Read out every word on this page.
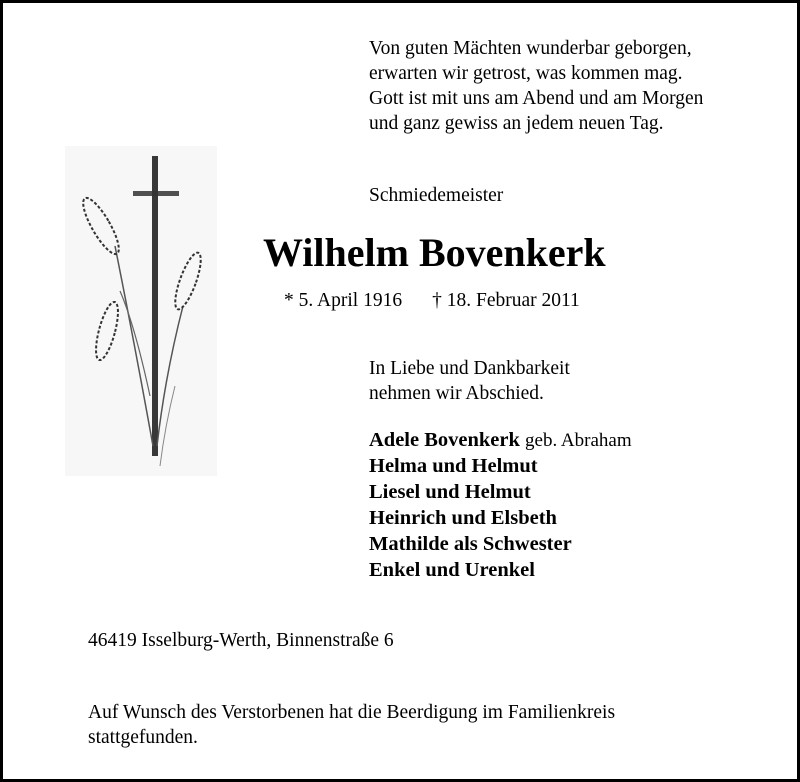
Von guten Mächten wunderbar geborgen,
erwarten wir getrost, was kommen mag.
Gott ist mit uns am Abend und am Morgen
und ganz gewiss an jedem neuen Tag.
Schmiedemeister
Wilhelm Bovenkerk
* 5. April 1916 † 18. Februar 2011
In Liebe und Dankbarkeit
nehmen wir Abschied.
Adele Bovenkerk geb. Abraham
Helma und Helmut
Liesel und Helmut
Heinrich und Elsbeth
Mathilde als Schwester
Enkel und Urenkel
46419 Isselburg-Werth, Binnenstraße 6
Auf Wunsch des Verstorbenen hat die Beerdigung im Familienkreis
stattgefunden.
